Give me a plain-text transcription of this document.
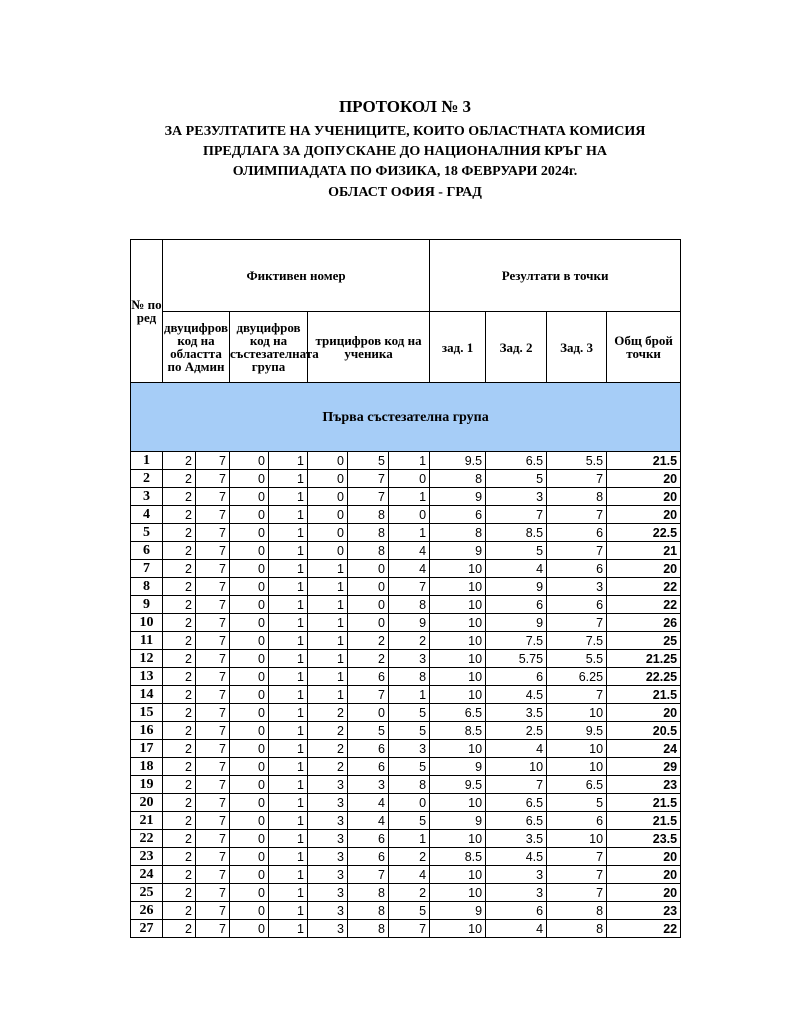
ПРОТОКОЛ № 3
ЗА РЕЗУЛТАТИТЕ НА УЧЕНИЦИТЕ, КОИТО ОБЛАСТНАТА КОМИСИЯ
ПРЕДЛАГА ЗА ДОПУСКАНЕ ДО НАЦИОНАЛНИЯ КРЪГ НА
ОЛИМПИАДАТА ПО ФИЗИКА, 18 ФЕВРУАРИ 2024г.
ОБЛАСТ ОФИЯ - ГРАД
№ по ред	Фиктивен номер							Резултати в точки			
	двуцифров код на областта по Админ		двуцифров код на състезателната група		трицифров код на ученика			зад. 1	Зад. 2	Зад. 3	Общ брой точки
Първа състезателна група											
1	2	7	0	1	0	5	1	9.5	6.5	5.5	21.5
2	2	7	0	1	0	7	0	8	5	7	20
3	2	7	0	1	0	7	1	9	3	8	20
4	2	7	0	1	0	8	0	6	7	7	20
5	2	7	0	1	0	8	1	8	8.5	6	22.5
6	2	7	0	1	0	8	4	9	5	7	21
7	2	7	0	1	1	0	4	10	4	6	20
8	2	7	0	1	1	0	7	10	9	3	22
9	2	7	0	1	1	0	8	10	6	6	22
10	2	7	0	1	1	0	9	10	9	7	26
11	2	7	0	1	1	2	2	10	7.5	7.5	25
12	2	7	0	1	1	2	3	10	5.75	5.5	21.25
13	2	7	0	1	1	6	8	10	6	6.25	22.25
14	2	7	0	1	1	7	1	10	4.5	7	21.5
15	2	7	0	1	2	0	5	6.5	3.5	10	20
16	2	7	0	1	2	5	5	8.5	2.5	9.5	20.5
17	2	7	0	1	2	6	3	10	4	10	24
18	2	7	0	1	2	6	5	9	10	10	29
19	2	7	0	1	3	3	8	9.5	7	6.5	23
20	2	7	0	1	3	4	0	10	6.5	5	21.5
21	2	7	0	1	3	4	5	9	6.5	6	21.5
22	2	7	0	1	3	6	1	10	3.5	10	23.5
23	2	7	0	1	3	6	2	8.5	4.5	7	20
24	2	7	0	1	3	7	4	10	3	7	20
25	2	7	0	1	3	8	2	10	3	7	20
26	2	7	0	1	3	8	5	9	6	8	23
27	2	7	0	1	3	8	7	10	4	8	22
